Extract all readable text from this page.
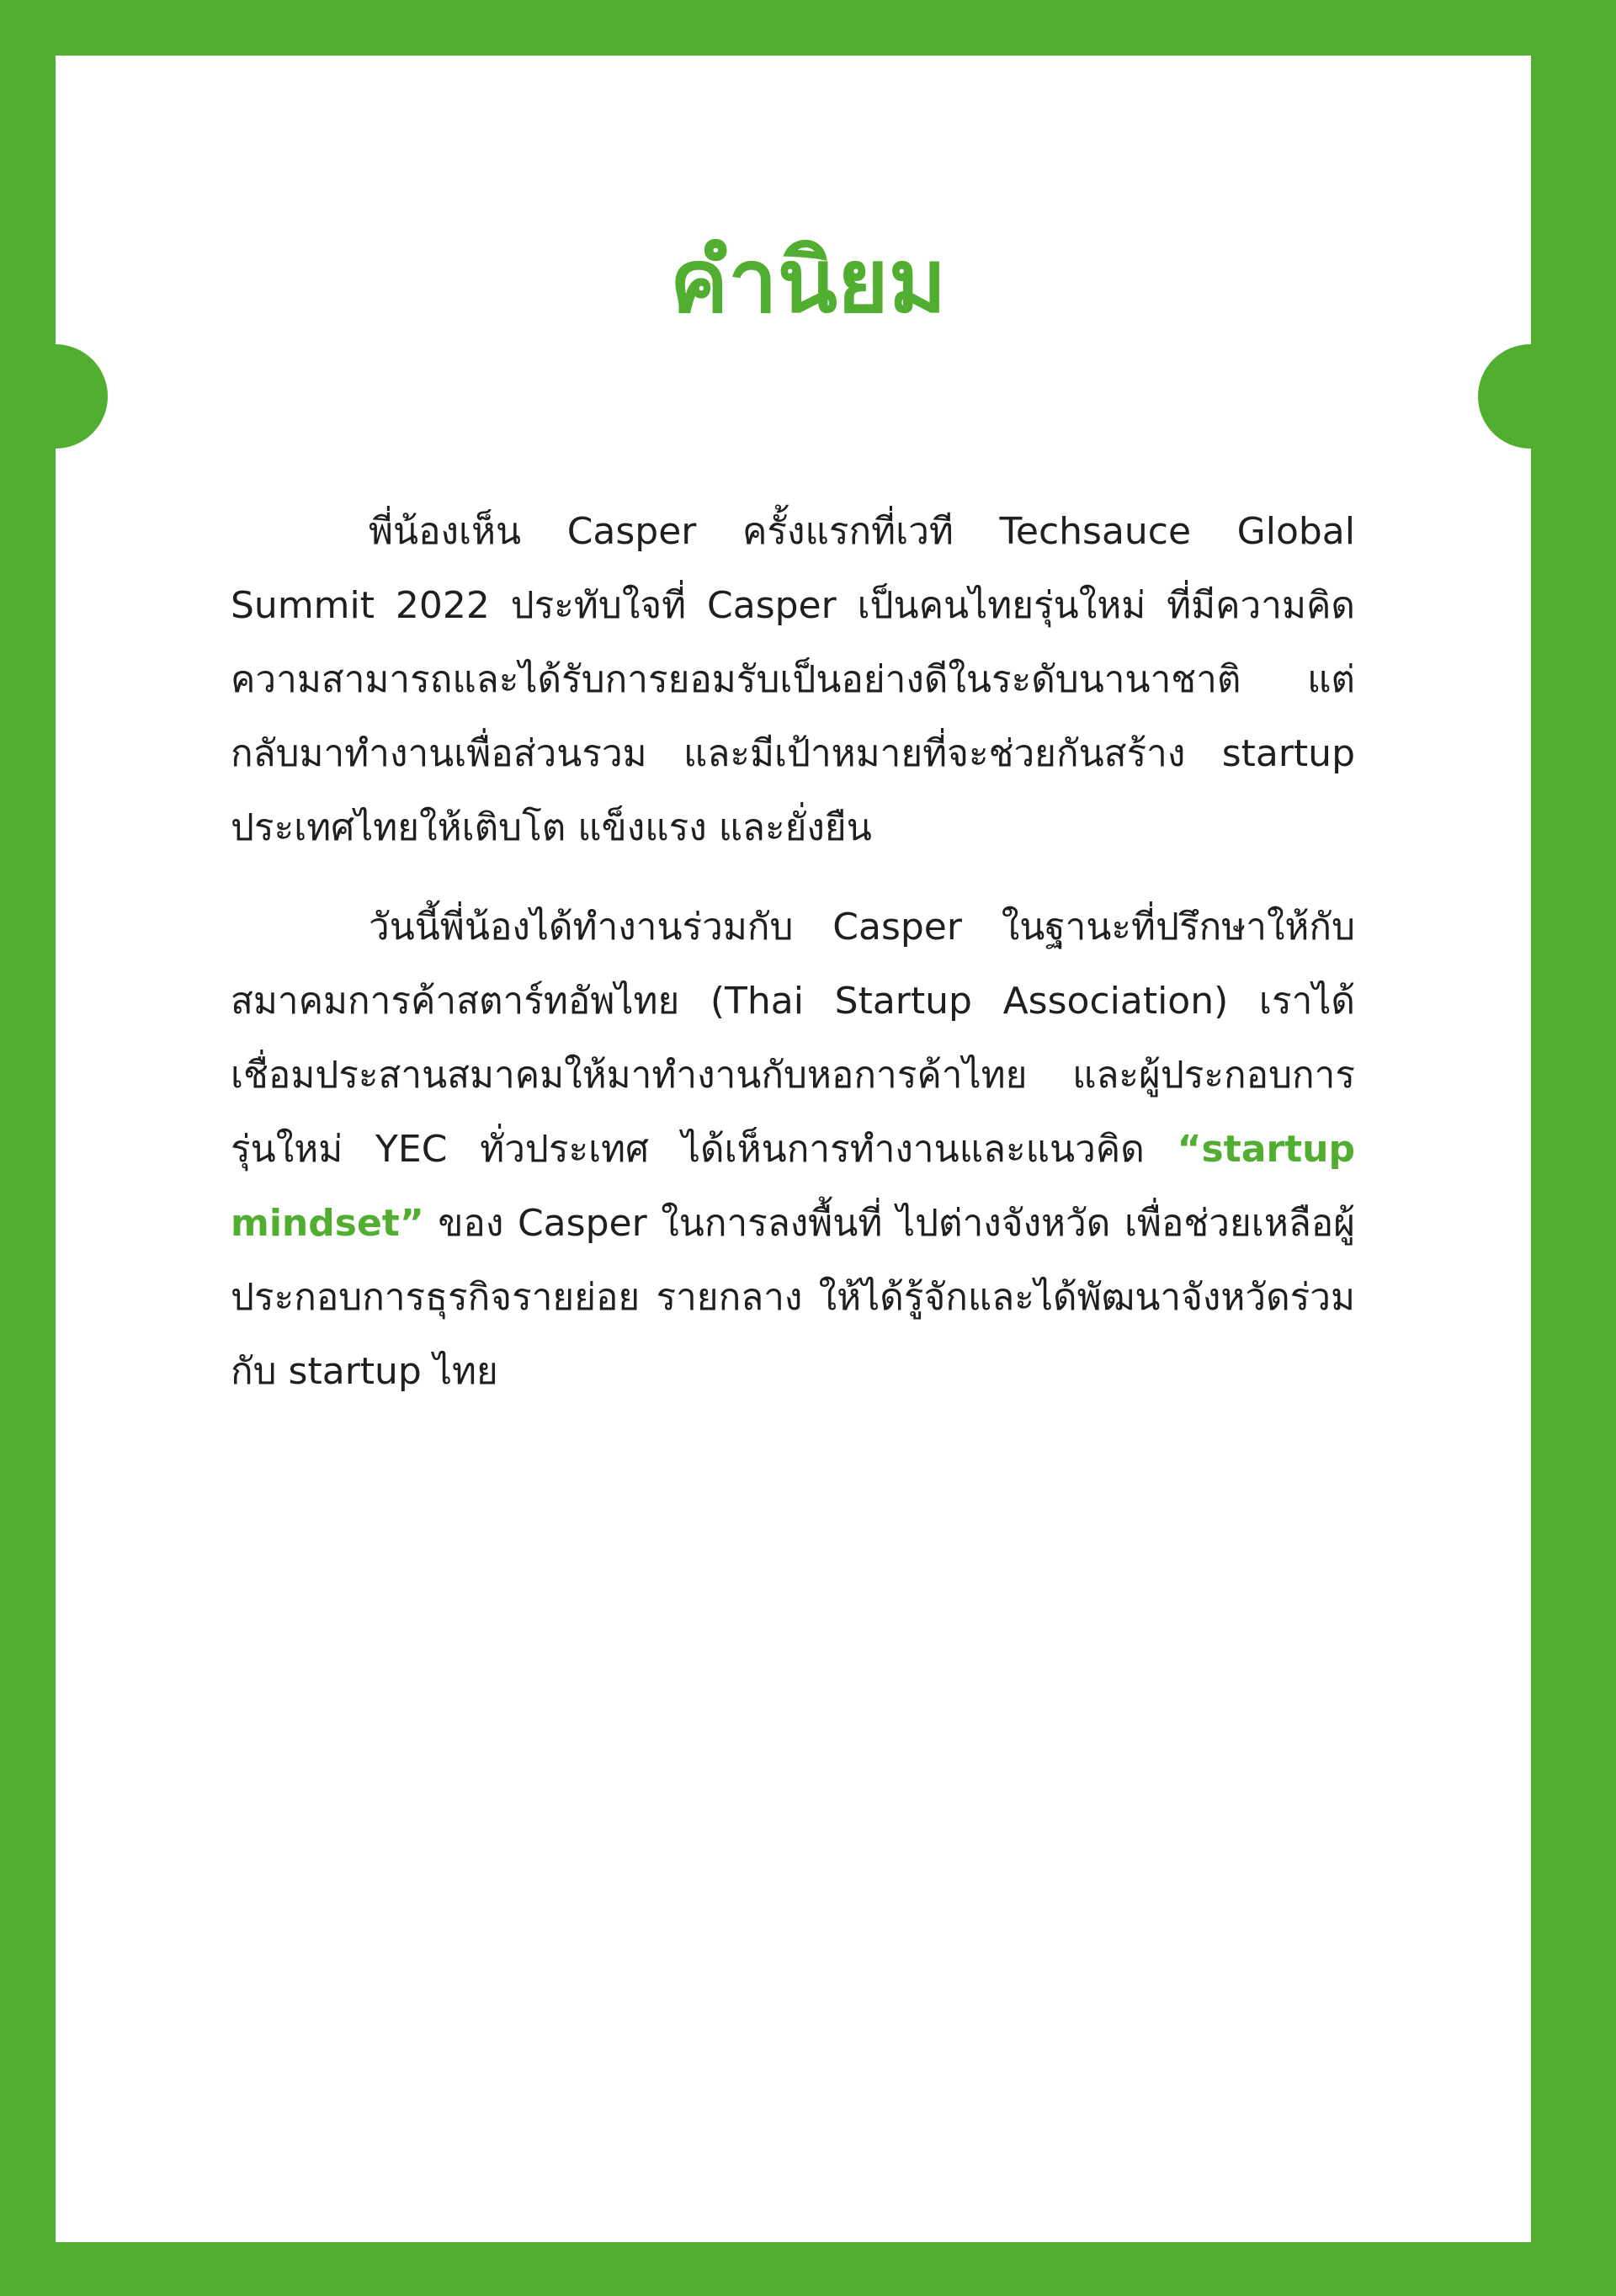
คำนิยม

พี่น้องเห็น Casper ครั้งแรกที่เวที Techsauce Global Summit 2022 ประทับใจที่ Casper เป็นคนไทยรุ่นใหม่ ที่มีความคิด ความสามารถและได้รับการยอมรับเป็นอย่างดีในระดับนานาชาติ แต่กลับมาทำงานเพื่อส่วนรวม และมีเป้าหมายที่จะช่วยกันสร้าง startup ประเทศไทยให้เติบโต แข็งแรง และยั่งยืน

วันนี้พี่น้องได้ทำงานร่วมกับ Casper ในฐานะที่ปรึกษาให้กับสมาคมการค้าสตาร์ทอัพไทย (Thai Startup Association) เราได้เชื่อมประสานสมาคมให้มาทำงานกับหอการค้าไทย และผู้ประกอบการรุ่นใหม่ YEC ทั่วประเทศ ได้เห็นการทำงานและแนวคิด “startup mindset” ของ Casper ในการลงพื้นที่ ไปต่างจังหวัด เพื่อช่วยเหลือผู้ประกอบการธุรกิจรายย่อย รายกลาง ให้ได้รู้จักและได้พัฒนาจังหวัดร่วมกับ startup ไทย
